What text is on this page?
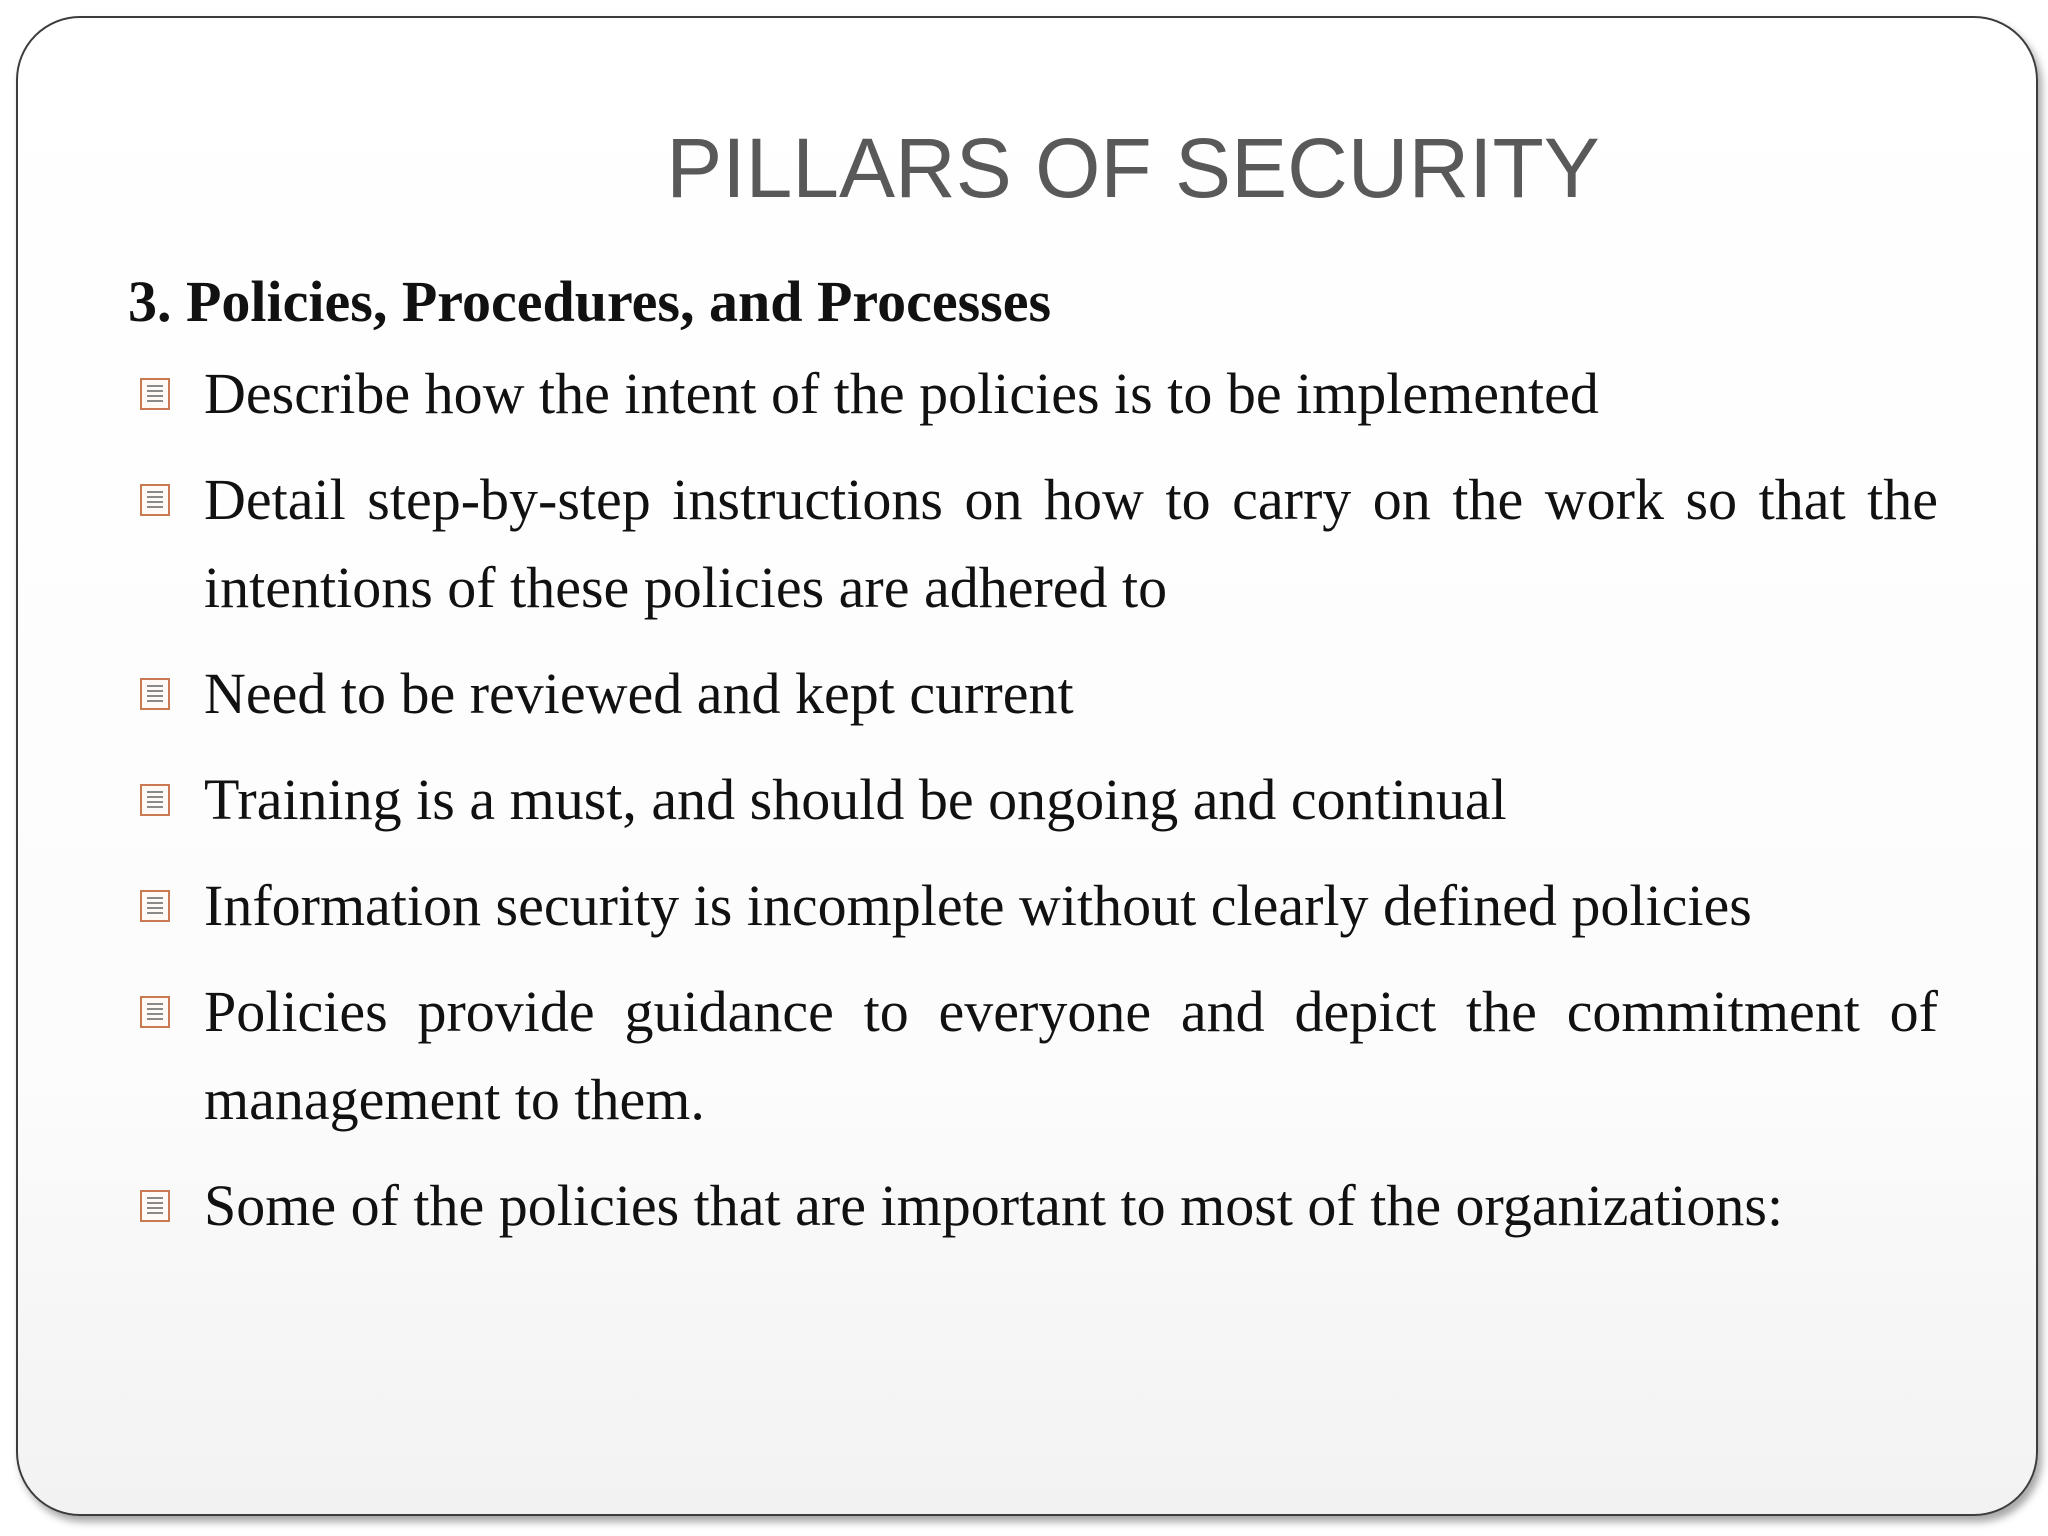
PILLARS OF SECURITY
3. Policies, Procedures, and Processes
Describe how the intent of the policies is to be implemented
Detail step-by-step instructions on how to carry on the work so that the intentions of these policies are adhered to
Need to be reviewed and kept current
Training is a must, and should be ongoing and continual
Information security is incomplete without clearly defined policies
Policies provide guidance to everyone and depict the commitment of management to them.
Some of the policies that are important to most of the organizations:
